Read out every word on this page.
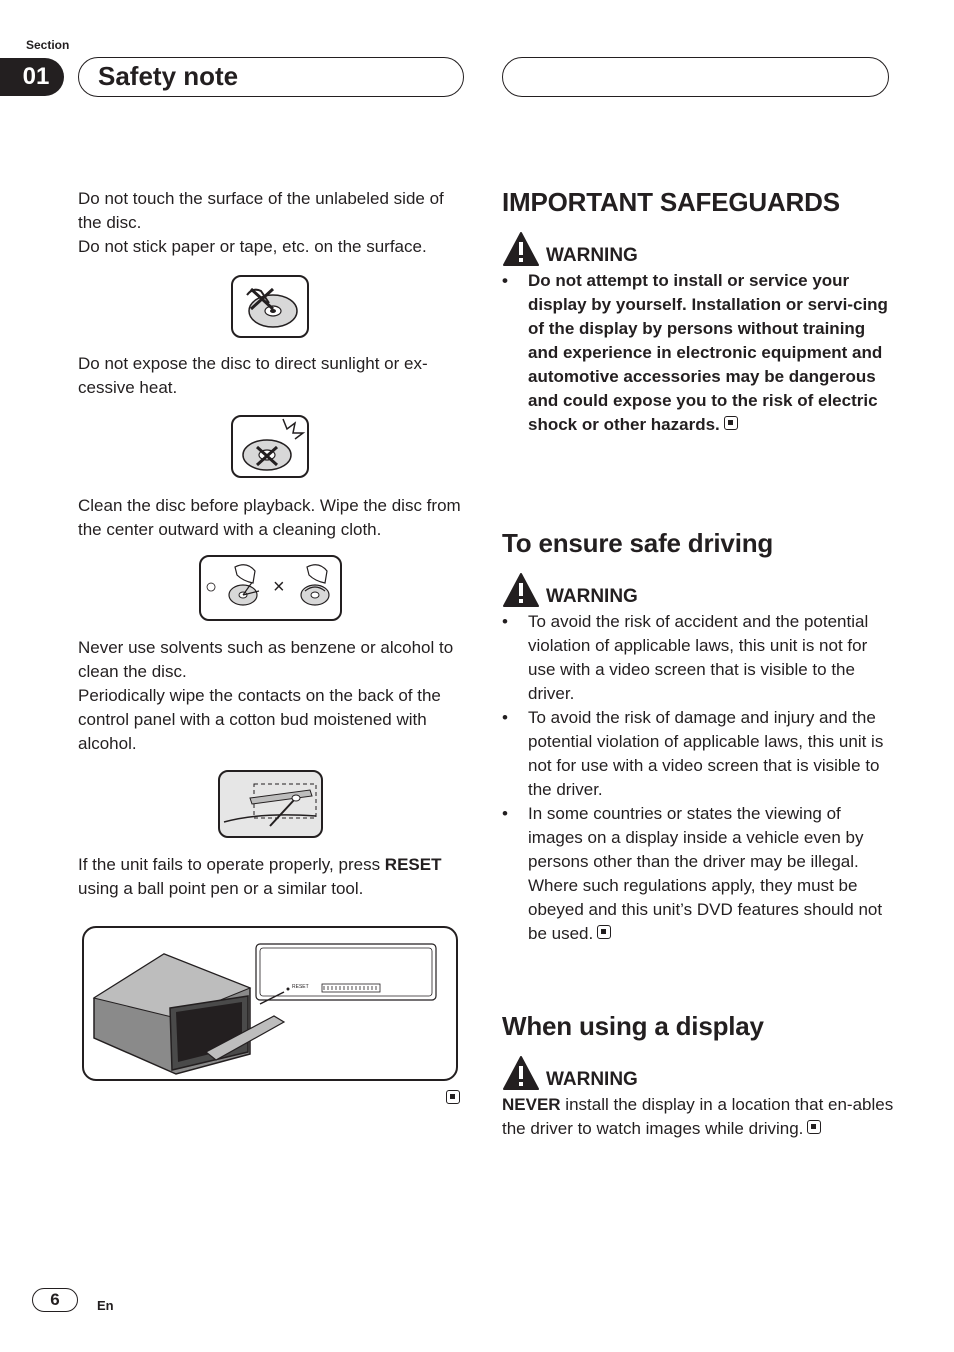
Section
01	Safety note

Do not touch the surface of the unlabeled side of the disc.

Do not stick paper or tape, etc. on the surface.

Do not expose the disc to direct sunlight or ex-cessive heat.
Clean the disc before playback. Wipe the disc from the center outward with a cleaning cloth.
○	×

Never use solvents such as benzene or alcohol to clean the disc.

Periodically wipe the contacts on the back of the control panel with a cotton bud moistened with alcohol.

If the unit fails to operate properly, press RESET using a ball point pen or a similar tool.
RESET
IMPORTANT SAFEGUARDS
WARNING
• Do not attempt to install or service your display by yourself. Installation or servi-cing of the display by persons without training and experience in electronic equipment and automotive accessories may be dangerous and could expose you to the risk of electric shock or other hazards.
To ensure safe driving
WARNING
• To avoid the risk of accident and the potential violation of applicable laws, this unit is not for use with a video screen that is visible to the driver.
• To avoid the risk of damage and injury and the potential violation of applicable laws, this unit is not for use with a video screen that is visible to the driver.
• In some countries or states the viewing of images on a display inside a vehicle even by persons other than the driver may be illegal. Where such regulations apply, they must be obeyed and this unit’s DVD features should not be used.
When using a display
WARNING

NEVER install the display in a location that en-ables the driver to watch images while driving.

6	En
